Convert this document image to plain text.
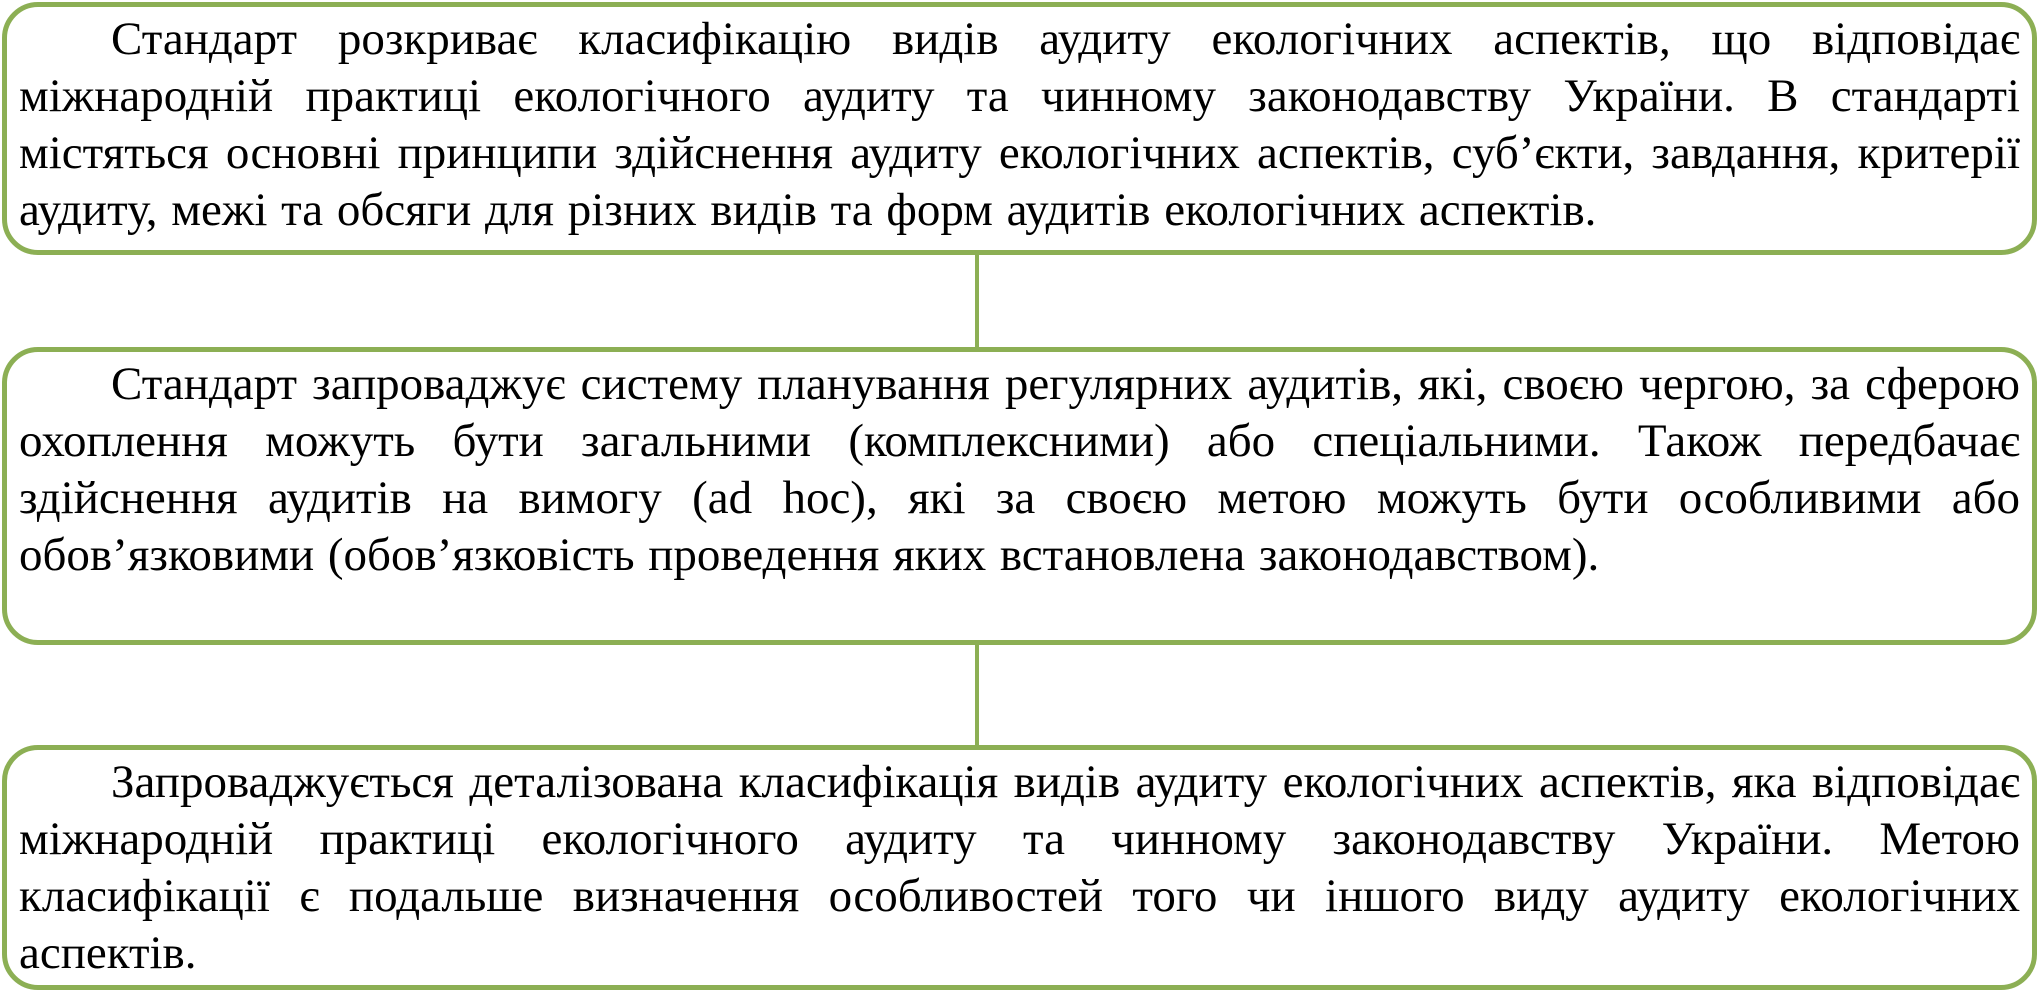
Стандарт розкриває класифікацію видів аудиту екологічних аспектів, що відповідає міжнародній практиці екологічного аудиту та чинному законодавству України. В стандарті містяться основні принципи здійснення аудиту екологічних аспектів, суб’єкти, завдання, критерії аудиту, межі та обсяги для різних видів та форм аудитів екологічних аспектів.

Стандарт запроваджує систему планування регулярних аудитів, які, своєю чергою, за сферою охоплення можуть бути загальними (комплексними) або спеціальними. Також передбачає здійснення аудитів на вимогу (ad hoc), які за своєю метою можуть бути особливими або обов’язковими (обов’язковість проведення яких встановлена законодавством).

Запроваджується деталізована класифікація видів аудиту екологічних аспектів, яка відповідає міжнародній практиці екологічного аудиту та чинному законодавству України. Метою класифікації є подальше визначення особливостей того чи іншого виду аудиту екологічних аспектів.
